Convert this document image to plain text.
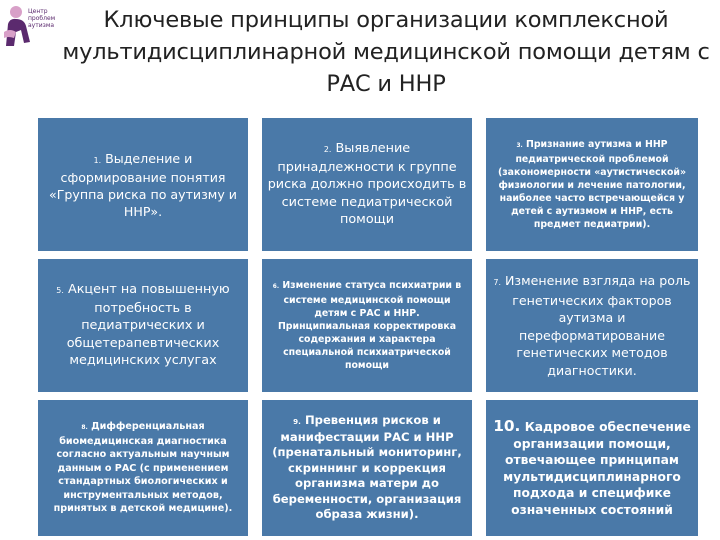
Центр
проблем
аутизма	Ключевые принципы организации комплексной мультидисциплинарной медицинской помощи детям с РАС и ННР

1. Выделение и сформирование понятия «Группа риска по аутизму и ННР».

2. Выявление принадлежности к группе риска должно происходить в системе педиатрической помощи

3. Признание аутизма и ННР педиатрической проблемой (закономерности «аутистической» физиологии и лечение патологии, наиболее часто встречающейся у детей с аутизмом и ННР, есть предмет педиатрии).

5. Акцент на повышенную потребность в педиатрических и общетерапевтических медицинских услугах

6. Изменение статуса психиатрии в системе медицинской помощи детям с РАС и ННР. Принципиальная корректировка содержания и характера специальной психиатрической помощи

7. Изменение взгляда на роль генетических факторов аутизма и переформатирование генетических методов диагностики.

8. Дифференциальная биомедицинская диагностика согласно актуальным научным данным о РАС (с применением стандартных биологических и инструментальных методов, принятых в детской медицине).

9. Превенция рисков и манифестации РАС и ННР (пренатальный мониторинг, скриннинг и коррекция организма матери до беременности, организация образа жизни).

10. Кадровое обеспечение организации помощи, отвечающее принципам мультидисциплинарного подхода и специфике означенных состояний
